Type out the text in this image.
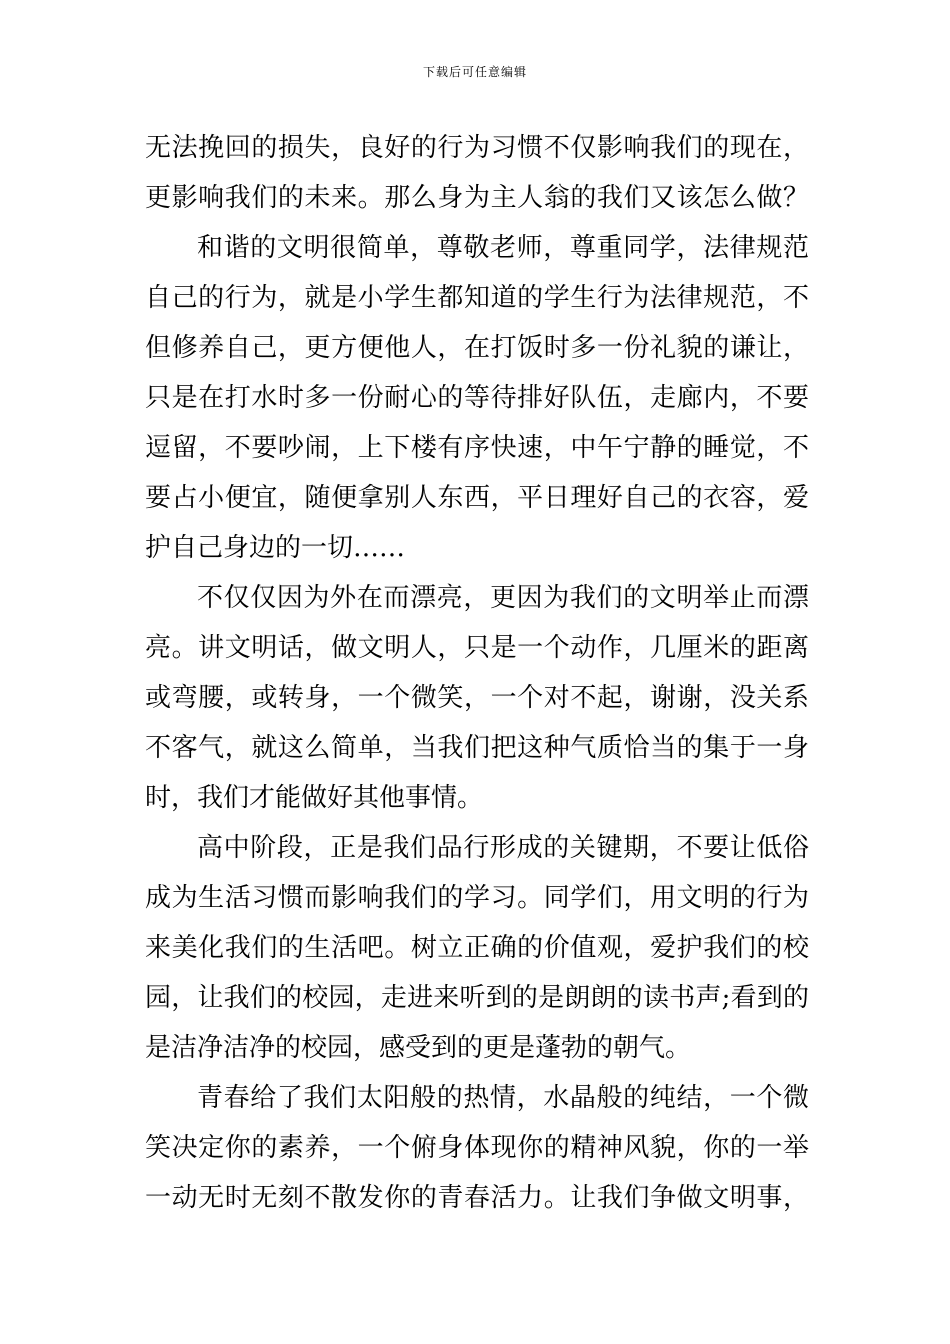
下载后可任意编辑
无法挽回的损失，良好的行为习惯不仅影响我们的现在，
更影响我们的未来。那么身为主人翁的我们又该怎么做？
和谐的文明很简单，尊敬老师，尊重同学，法律规范
自己的行为，就是小学生都知道的学生行为法律规范，不
但修养自己，更方便他人，在打饭时多一份礼貌的谦让，
只是在打水时多一份耐心的等待排好队伍，走廊内，不要
逗留，不要吵闹，上下楼有序快速，中午宁静的睡觉，不
要占小便宜，随便拿别人东西，平日理好自己的衣容，爱
护自己身边的一切……
不仅仅因为外在而漂亮，更因为我们的文明举止而漂
亮。讲文明话，做文明人，只是一个动作，几厘米的距离
或弯腰，或转身，一个微笑，一个对不起，谢谢，没关系
不客气，就这么简单，当我们把这种气质恰当的集于一身
时，我们才能做好其他事情。
高中阶段，正是我们品行形成的关键期，不要让低俗
成为生活习惯而影响我们的学习。同学们，用文明的行为
来美化我们的生活吧。树立正确的价值观，爱护我们的校
园，让我们的校园，走进来听到的是朗朗的读书声;看到的
是洁净洁净的校园，感受到的更是蓬勃的朝气。
青春给了我们太阳般的热情，水晶般的纯结，一个微
笑决定你的素养，一个俯身体现你的精神风貌，你的一举
一动无时无刻不散发你的青春活力。让我们争做文明事，
